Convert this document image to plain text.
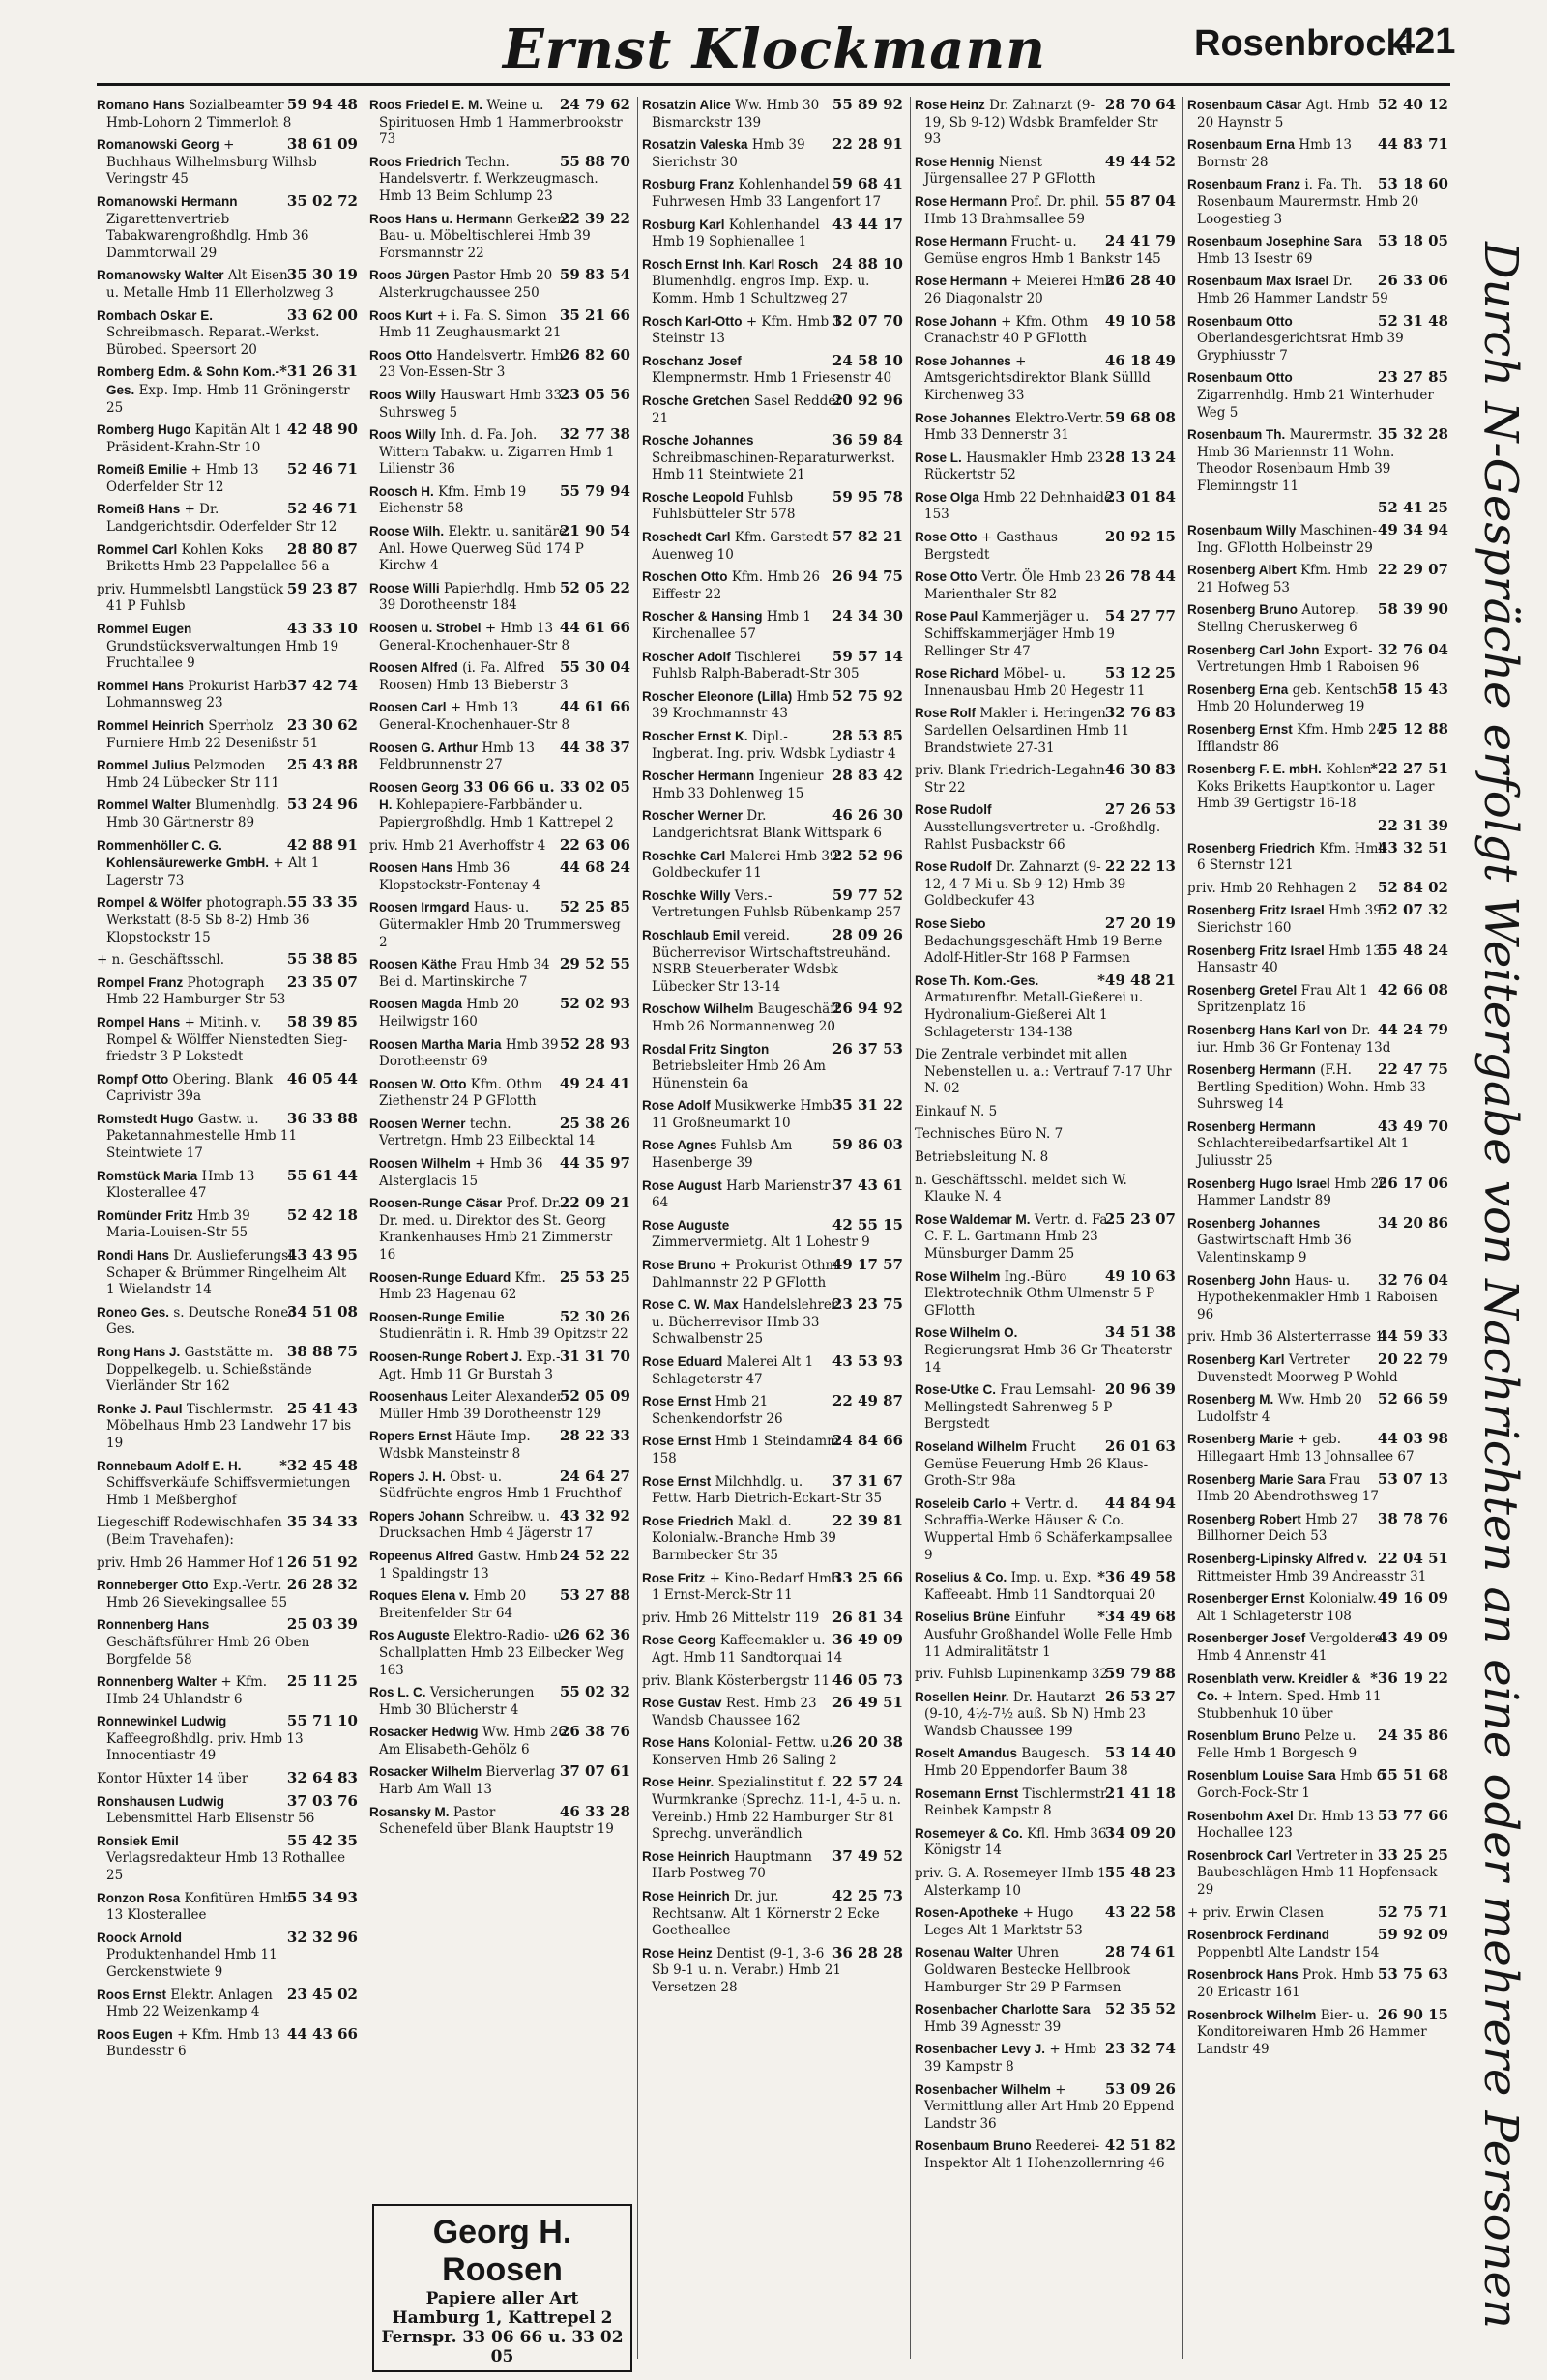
Ernst Klockmann	Rosenbrock
421
59 94 48
Romano Hans Sozialbeamter Hmb-Lohorn 2 Timmerloh 8
38 61 09
Romanowski Georg + Buchhaus Wilhelmsburg Wilhsb Veringstr 45
35 02 72
Romanowski Hermann Zigarettenvertrieb Tabakwarengroßhdlg. Hmb 36 Dammtorwall 29
35 30 19
Romanowsky Walter Alt-Eisen u. Metalle Hmb 11 Ellerholzweg 3
33 62 00
Rombach Oskar E. Schreibmasch. Reparat.-Werkst. Bürobed. Speersort 20
*31 26 31
Romberg Edm. & Sohn Kom.-Ges. Exp. Imp. Hmb 11 Gröningerstr 25
42 48 90
Romberg Hugo Kapitän Alt 1 Präsident-Krahn-Str 10
52 46 71
Romeiß Emilie + Hmb 13 Oderfelder Str 12
52 46 71
Romeiß Hans + Dr. Landgerichtsdir. Oderfelder Str 12
28 80 87
Rommel Carl Kohlen Koks Briketts Hmb 23 Pappelallee 56 a
59 23 87
priv. Hummelsbtl Langstück 41 P Fuhlsb
43 33 10
Rommel Eugen Grundstücksverwaltungen Hmb 19 Fruchtallee 9
37 42 74
Rommel Hans Prokurist Harb Lohmannsweg 23
23 30 62
Rommel Heinrich Sperrholz Furniere Hmb 22 Desenißstr 51
25 43 88
Rommel Julius Pelzmoden Hmb 24 Lübecker Str 111
53 24 96
Rommel Walter Blumenhdlg. Hmb 30 Gärtnerstr 89
42 88 91
Rommenhöller C. G. Kohlensäurewerke GmbH. + Alt 1 Lagerstr 73
55 33 35
Rompel & Wölfer photograph. Werkstatt (8-5 Sb 8-2) Hmb 36 Klopstockstr 15
55 38 85
+ n. Geschäftsschl.
23 35 07
Rompel Franz Photograph Hmb 22 Hamburger Str 53
58 39 85
Rompel Hans + Mitinh. v. Rompel & Wölffer Nienstedten Sieg-friedstr 3 P Lokstedt
46 05 44
Rompf Otto Obering. Blank Caprivistr 39a
36 33 88
Romstedt Hugo Gastw. u. Paketannahmestelle Hmb 11 Steintwiete 17
55 61 44
Romstück Maria Hmb 13 Klosterallee 47
52 42 18
Romünder Fritz Hmb 39 Maria-Louisen-Str 55
43 43 95
Rondi Hans Dr. Auslieferungsl. Schaper & Brümmer Ringelheim Alt 1 Wielandstr 14
34 51 08
Roneo Ges. s. Deutsche Roneo Ges.
38 88 75
Rong Hans J. Gaststätte m. Doppelkegelb. u. Schießstände Vierländer Str 162
25 41 43
Ronke J. Paul Tischlermstr. Möbelhaus Hmb 23 Landwehr 17 bis 19
*32 45 48
Ronnebaum Adolf E. H. Schiffsverkäufe Schiffsvermietungen Hmb 1 Meßberghof
35 34 33
Liegeschiff Rodewischhafen (Beim Travehafen):
26 51 92
priv. Hmb 26 Hammer Hof 1
26 28 32
Ronneberger Otto Exp.-Vertr. Hmb 26 Sievekingsallee 55
25 03 39
Ronnenberg Hans Geschäftsführer Hmb 26 Oben Borgfelde 58
25 11 25
Ronnenberg Walter + Kfm. Hmb 24 Uhlandstr 6
55 71 10
Ronnewinkel Ludwig Kaffeegroßhdlg. priv. Hmb 13 Innocentiastr 49
32 64 83
Kontor Hüxter 14 über
37 03 76
Ronshausen Ludwig Lebensmittel Harb Elisenstr 56
55 42 35
Ronsiek Emil Verlagsredakteur Hmb 13 Rothallee 25
55 34 93
Ronzon Rosa Konfitüren Hmb 13 Klosterallee
32 32 96
Roock Arnold Produktenhandel Hmb 11 Gerckenstwiete 9
23 45 02
Roos Ernst Elektr. Anlagen Hmb 22 Weizenkamp 4
44 43 66
Roos Eugen + Kfm. Hmb 13 Bundesstr 6
24 79 62
Roos Friedel E. M. Weine u. Spirituosen Hmb 1 Hammerbrookstr 73
55 88 70
Roos Friedrich Techn. Handelsvertr. f. Werkzeugmasch. Hmb 13 Beim Schlump 23
22 39 22
Roos Hans u. Hermann Gerken Bau- u. Möbeltischlerei Hmb 39 Forsmannstr 22
59 83 54
Roos Jürgen Pastor Hmb 20 Alsterkrugchaussee 250
35 21 66
Roos Kurt + i. Fa. S. Simon Hmb 11 Zeughausmarkt 21
26 82 60
Roos Otto Handelsvertr. Hmb 23 Von-Essen-Str 3
23 05 56
Roos Willy Hauswart Hmb 33 Suhrsweg 5
32 77 38
Roos Willy Inh. d. Fa. Joh. Wittern Tabakw. u. Zigarren Hmb 1 Lilienstr 36
55 79 94
Roosch H. Kfm. Hmb 19 Eichenstr 58
21 90 54
Roose Wilh. Elektr. u. sanitäre Anl. Howe Querweg Süd 174 P Kirchw 4
52 05 22
Roose Willi Papierhdlg. Hmb 39 Dorotheenstr 184
44 61 66
Roosen u. Strobel + Hmb 13 General-Knochenhauer-Str 8
55 30 04
Roosen Alfred (i. Fa. Alfred Roosen) Hmb 13 Bieberstr 3
44 61 66
Roosen Carl + Hmb 13 General-Knochenhauer-Str 8
44 38 37
Roosen G. Arthur Hmb 13 Feldbrunnenstr 27
33 06 66 u. 33 02 05
Roosen Georg H. Kohlepapiere-Farbbänder u. Papiergroßhdlg. Hmb 1 Kattrepel 2
22 63 06
priv. Hmb 21 Averhoffstr 4
44 68 24
Roosen Hans Hmb 36 Klopstockstr-Fontenay 4
52 25 85
Roosen Irmgard Haus- u. Gütermakler Hmb 20 Trummersweg 2
29 52 55
Roosen Käthe Frau Hmb 34 Bei d. Martinskirche 7
52 02 93
Roosen Magda Hmb 20 Heilwigstr 160
52 28 93
Roosen Martha Maria Hmb 39 Dorotheenstr 69
49 24 41
Roosen W. Otto Kfm. Othm Ziethenstr 24 P GFlotth
25 38 26
Roosen Werner techn. Vertretgn. Hmb 23 Eilbecktal 14
44 35 97
Roosen Wilhelm + Hmb 36 Alsterglacis 15
22 09 21
Roosen-Runge Cäsar Prof. Dr. Dr. med. u. Direktor des St. Georg Krankenhauses Hmb 21 Zimmerstr 16
25 53 25
Roosen-Runge Eduard Kfm. Hmb 23 Hagenau 62
52 30 26
Roosen-Runge Emilie Studienrätin i. R. Hmb 39 Opitzstr 22
31 31 70
Roosen-Runge Robert J. Exp.-Agt. Hmb 11 Gr Burstah 3
52 05 09
Roosenhaus Leiter Alexander Müller Hmb 39 Dorotheenstr 129
28 22 33
Ropers Ernst Häute-Imp. Wdsbk Mansteinstr 8
24 64 27
Ropers J. H. Obst- u. Südfrüchte engros Hmb 1 Fruchthof
43 32 92
Ropers Johann Schreibw. u. Drucksachen Hmb 4 Jägerstr 17
24 52 22
Ropeenus Alfred Gastw. Hmb 1 Spaldingstr 13
53 27 88
Roques Elena v. Hmb 20 Breitenfelder Str 64
26 62 36
Ros Auguste Elektro-Radio- u. Schallplatten Hmb 23 Eilbecker Weg 163
55 02 32
Ros L. C. Versicherungen Hmb 30 Blücherstr 4
26 38 76
Rosacker Hedwig Ww. Hmb 26 Am Elisabeth-Gehölz 6
37 07 61
Rosacker Wilhelm Bierverlag Harb Am Wall 13
46 33 28
Rosansky M. Pastor Schenefeld über Blank Hauptstr 19
55 89 92
Rosatzin Alice Ww. Hmb 30 Bismarckstr 139
22 28 91
Rosatzin Valeska Hmb 39 Sierichstr 30
59 68 41
Rosburg Franz Kohlenhandel Fuhrwesen Hmb 33 Langenfort 17
43 44 17
Rosburg Karl Kohlenhandel Hmb 19 Sophienallee 1
24 88 10
Rosch Ernst Inh. Karl Rosch Blumenhdlg. engros Imp. Exp. u. Komm. Hmb 1 Schultzweg 27
32 07 70
Rosch Karl-Otto + Kfm. Hmb 1 Steinstr 13
24 58 10
Roschanz Josef Klempnermstr. Hmb 1 Friesenstr 40
20 92 96
Rosche Gretchen Sasel Redder 21
36 59 84
Rosche Johannes Schreibmaschinen-Reparaturwerkst. Hmb 11 Steintwiete 21
59 95 78
Rosche Leopold Fuhlsb Fuhlsbütteler Str 578
57 82 21
Roschedt Carl Kfm. Garstedt Auenweg 10
26 94 75
Roschen Otto Kfm. Hmb 26 Eiffestr 22
24 34 30
Roscher & Hansing Hmb 1 Kirchenallee 57
59 57 14
Roscher Adolf Tischlerei Fuhlsb Ralph-Baberadt-Str 305
52 75 92
Roscher Eleonore (Lilla) Hmb 39 Krochmannstr 43
28 53 85
Roscher Ernst K. Dipl.-Ingberat. Ing. priv. Wdsbk Lydiastr 4
28 83 42
Roscher Hermann Ingenieur Hmb 33 Dohlenweg 15
46 26 30
Roscher Werner Dr. Landgerichtsrat Blank Wittspark 6
22 52 96
Roschke Carl Malerei Hmb 39 Goldbeckufer 11
59 77 52
Roschke Willy Vers.-Vertretungen Fuhlsb Rübenkamp 257
28 09 26
Roschlaub Emil vereid. Bücherrevisor Wirtschaftstreuhänd. NSRB Steuerberater Wdsbk Lübecker Str 13-14
26 94 92
Roschow Wilhelm Baugeschäft Hmb 26 Normannenweg 20
26 37 53
Rosdal Fritz Sington Betriebsleiter Hmb 26 Am Hünenstein 6a
35 31 22
Rose Adolf Musikwerke Hmb 11 Großneumarkt 10
59 86 03
Rose Agnes Fuhlsb Am Hasenberge 39
37 43 61
Rose August Harb Marienstr 64
42 55 15
Rose Auguste Zimmervermietg. Alt 1 Lohestr 9
49 17 57
Rose Bruno + Prokurist Othm Dahlmannstr 22 P GFlotth
23 23 75
Rose C. W. Max Handelslehrer u. Bücherrevisor Hmb 33 Schwalbenstr 25
43 53 93
Rose Eduard Malerei Alt 1 Schlageterstr 47
22 49 87
Rose Ernst Hmb 21 Schenkendorfstr 26
24 84 66
Rose Ernst Hmb 1 Steindamm 158
37 31 67
Rose Ernst Milchhdlg. u. Fettw. Harb Dietrich-Eckart-Str 35
22 39 81
Rose Friedrich Makl. d. Kolonialw.-Branche Hmb 39 Barmbecker Str 35
33 25 66
Rose Fritz + Kino-Bedarf Hmb 1 Ernst-Merck-Str 11
26 81 34
priv. Hmb 26 Mittelstr 119
36 49 09
Rose Georg Kaffeemakler u. Agt. Hmb 11 Sandtorquai 14
46 05 73
priv. Blank Kösterbergstr 11
26 49 51
Rose Gustav Rest. Hmb 23 Wandsb Chaussee 162
26 20 38
Rose Hans Kolonial- Fettw. u. Konserven Hmb 26 Saling 2
22 57 24
Rose Heinr. Spezialinstitut f. Wurmkranke (Sprechz. 11-1, 4-5 u. n. Vereinb.) Hmb 22 Hamburger Str 81 Sprechg. unverändlich
37 49 52
Rose Heinrich Hauptmann Harb Postweg 70
42 25 73
Rose Heinrich Dr. jur. Rechtsanw. Alt 1 Körnerstr 2 Ecke Goetheallee
36 28 28
Rose Heinz Dentist (9-1, 3-6 Sb 9-1 u. n. Verabr.) Hmb 21 Versetzen 28
28 70 64
Rose Heinz Dr. Zahnarzt (9-19, Sb 9-12) Wdsbk Bramfelder Str 93
49 44 52
Rose Hennig Nienst Jürgensallee 27 P GFlotth
55 87 04
Rose Hermann Prof. Dr. phil. Hmb 13 Brahmsallee 59
24 41 79
Rose Hermann Frucht- u. Gemüse engros Hmb 1 Bankstr 145
26 28 40
Rose Hermann + Meierei Hmb 26 Diagonalstr 20
49 10 58
Rose Johann + Kfm. Othm Cranachstr 40 P GFlotth
46 18 49
Rose Johannes + Amtsgerichtsdirektor Blank Süllld Kirchenweg 33
59 68 08
Rose Johannes Elektro-Vertr. Hmb 33 Dennerstr 31
28 13 24
Rose L. Hausmakler Hmb 23 Rückertstr 52
23 01 84
Rose Olga Hmb 22 Dehnhaide 153
20 92 15
Rose Otto + Gasthaus Bergstedt
26 78 44
Rose Otto Vertr. Öle Hmb 23 Marienthaler Str 82
54 27 77
Rose Paul Kammerjäger u. Schiffskammerjäger Hmb 19 Rellinger Str 47
53 12 25
Rose Richard Möbel- u. Innenausbau Hmb 20 Hegestr 11
32 76 83
Rose Rolf Makler i. Heringen Sardellen Oelsardinen Hmb 11 Brandstwiete 27-31
46 30 83
priv. Blank Friedrich-Legahn-Str 22
27 26 53
Rose Rudolf Ausstellungsvertreter u. -Großhdlg. Rahlst Pusbackstr 66
22 22 13
Rose Rudolf Dr. Zahnarzt (9-12, 4-7 Mi u. Sb 9-12) Hmb 39 Goldbeckufer 43
27 20 19
Rose Siebo Bedachungsgeschäft Hmb 19 Berne Adolf-Hitler-Str 168 P Farmsen
*49 48 21
Rose Th. Kom.-Ges. Armaturenfbr. Metall-Gießerei u. Hydronalium-Gießerei Alt 1 Schlageterstr 134-138
Die Zentrale verbindet mit allen Nebenstellen u. a.: Vertrauf 7-17 Uhr N. 02
Einkauf N. 5
Technisches Büro N. 7
Betriebsleitung N. 8
n. Geschäftsschl. meldet sich W. Klauke N. 4
25 23 07
Rose Waldemar M. Vertr. d. Fa. C. F. L. Gartmann Hmb 23 Münsburger Damm 25
49 10 63
Rose Wilhelm Ing.-Büro Elektrotechnik Othm Ulmenstr 5 P GFlotth
34 51 38
Rose Wilhelm O. Regierungsrat Hmb 36 Gr Theaterstr 14
20 96 39
Rose-Utke C. Frau Lemsahl-Mellingstedt Sahrenweg 5 P Bergstedt
26 01 63
Roseland Wilhelm Frucht Gemüse Feuerung Hmb 26 Klaus-Groth-Str 98a
44 84 94
Roseleib Carlo + Vertr. d. Schraffia-Werke Häuser & Co. Wuppertal Hmb 6 Schäferkampsallee 9
*36 49 58
Roselius & Co. Imp. u. Exp. Kaffeeabt. Hmb 11 Sandtorquai 20
*34 49 68
Roselius Brüne Einfuhr Ausfuhr Großhandel Wolle Felle Hmb 11 Admiralitätstr 1
59 79 88
priv. Fuhlsb Lupinenkamp 32
26 53 27
Rosellen Heinr. Dr. Hautarzt (9-10, 4½-7½ auß. Sb N) Hmb 23 Wandsb Chaussee 199
53 14 40
Roselt Amandus Baugesch. Hmb 20 Eppendorfer Baum 38
21 41 18
Rosemann Ernst Tischlermstr. Reinbek Kampstr 8
34 09 20
Rosemeyer & Co. Kfl. Hmb 36 Königstr 14
55 48 23
priv. G. A. Rosemeyer Hmb 13 Alsterkamp 10
43 22 58
Rosen-Apotheke + Hugo Leges Alt 1 Marktstr 53
28 74 61
Rosenau Walter Uhren Goldwaren Bestecke Hellbrook Hamburger Str 29 P Farmsen
52 35 52
Rosenbacher Charlotte Sara Hmb 39 Agnesstr 39
23 32 74
Rosenbacher Levy J. + Hmb 39 Kampstr 8
53 09 26
Rosenbacher Wilhelm + Vermittlung aller Art Hmb 20 Eppend Landstr 36
42 51 82
Rosenbaum Bruno Reederei-Inspektor Alt 1 Hohenzollernring 46
52 40 12
Rosenbaum Cäsar Agt. Hmb 20 Haynstr 5
44 83 71
Rosenbaum Erna Hmb 13 Bornstr 28
53 18 60
Rosenbaum Franz i. Fa. Th. Rosenbaum Maurermstr. Hmb 20 Loogestieg 3
53 18 05
Rosenbaum Josephine Sara Hmb 13 Isestr 69
26 33 06
Rosenbaum Max Israel Dr. Hmb 26 Hammer Landstr 59
52 31 48
Rosenbaum Otto Oberlandesgerichtsrat Hmb 39 Gryphiusstr 7
23 27 85
Rosenbaum Otto Zigarrenhdlg. Hmb 21 Winterhuder Weg 5
35 32 28
Rosenbaum Th. Maurermstr. Hmb 36 Mariennstr 11 Wohn. Theodor Rosenbaum Hmb 39 Fleminngstr 11
52 41 25
49 34 94
Rosenbaum Willy Maschinen-Ing. GFlotth Holbeinstr 29
22 29 07
Rosenberg Albert Kfm. Hmb 21 Hofweg 53
58 39 90
Rosenberg Bruno Autorep. Stellng Cheruskerweg 6
32 76 04
Rosenberg Carl John Export-Vertretungen Hmb 1 Raboisen 96
58 15 43
Rosenberg Erna geb. Kentsch Hmb 20 Holunderweg 19
25 12 88
Rosenberg Ernst Kfm. Hmb 24 Ifflandstr 86
*22 27 51
Rosenberg F. E. mbH. Kohlen Koks Briketts Hauptkontor u. Lager Hmb 39 Gertigstr 16-18
22 31 39
43 32 51
Rosenberg Friedrich Kfm. Hmb 6 Sternstr 121
52 84 02
priv. Hmb 20 Rehhagen 2
52 07 32
Rosenberg Fritz Israel Hmb 39 Sierichstr 160
55 48 24
Rosenberg Fritz Israel Hmb 13 Hansastr 40
42 66 08
Rosenberg Gretel Frau Alt 1 Spritzenplatz 16
44 24 79
Rosenberg Hans Karl von Dr. iur. Hmb 36 Gr Fontenay 13d
22 47 75
Rosenberg Hermann (F.H. Bertling Spedition) Wohn. Hmb 33 Suhrsweg 14
43 49 70
Rosenberg Hermann Schlachtereibedarfsartikel Alt 1 Juliusstr 25
26 17 06
Rosenberg Hugo Israel Hmb 26 Hammer Landstr 89
34 20 86
Rosenberg Johannes Gastwirtschaft Hmb 36 Valentinskamp 9
32 76 04
Rosenberg John Haus- u. Hypothekenmakler Hmb 1 Raboisen 96
44 59 33
priv. Hmb 36 Alsterterrasse 1
20 22 79
Rosenberg Karl Vertreter Duvenstedt Moorweg P Wohld
52 66 59
Rosenberg M. Ww. Hmb 20 Ludolfstr 4
44 03 98
Rosenberg Marie + geb. Hillegaart Hmb 13 Johnsallee 67
53 07 13
Rosenberg Marie Sara Frau Hmb 20 Abendrothsweg 17
38 78 76
Rosenberg Robert Hmb 27 Billhorner Deich 53
22 04 51
Rosenberg-Lipinsky Alfred v. Rittmeister Hmb 39 Andreasstr 31
49 16 09
Rosenberger Ernst Kolonialw. Alt 1 Schlageterstr 108
43 49 09
Rosenberger Josef Vergolderei Hmb 4 Annenstr 41
*36 19 22
Rosenblath verw. Kreidler & Co. + Intern. Sped. Hmb 11 Stubbenhuk 10 über
24 35 86
Rosenblum Bruno Pelze u. Felle Hmb 1 Borgesch 9
55 51 68
Rosenblum Louise Sara Hmb 6 Gorch-Fock-Str 1
53 77 66
Rosenbohm Axel Dr. Hmb 13 Hochallee 123
33 25 25
Rosenbrock Carl Vertreter in Baubeschlägen Hmb 11 Hopfensack 29
52 75 71
+ priv. Erwin Clasen
59 92 09
Rosenbrock Ferdinand Poppenbtl Alte Landstr 154
53 75 63
Rosenbrock Hans Prok. Hmb 20 Ericastr 161
26 90 15
Rosenbrock Wilhelm Bier- u. Konditoreiwaren Hmb 26 Hammer Landstr 49
Georg H. Roosen
Papiere aller Art
Hamburg 1, Kattrepel 2
Fernspr. 33 06 66 u. 33 02 05
Durch N-Gespräche erfolgt Weitergabe von Nachrichten an eine oder mehrere Personen
